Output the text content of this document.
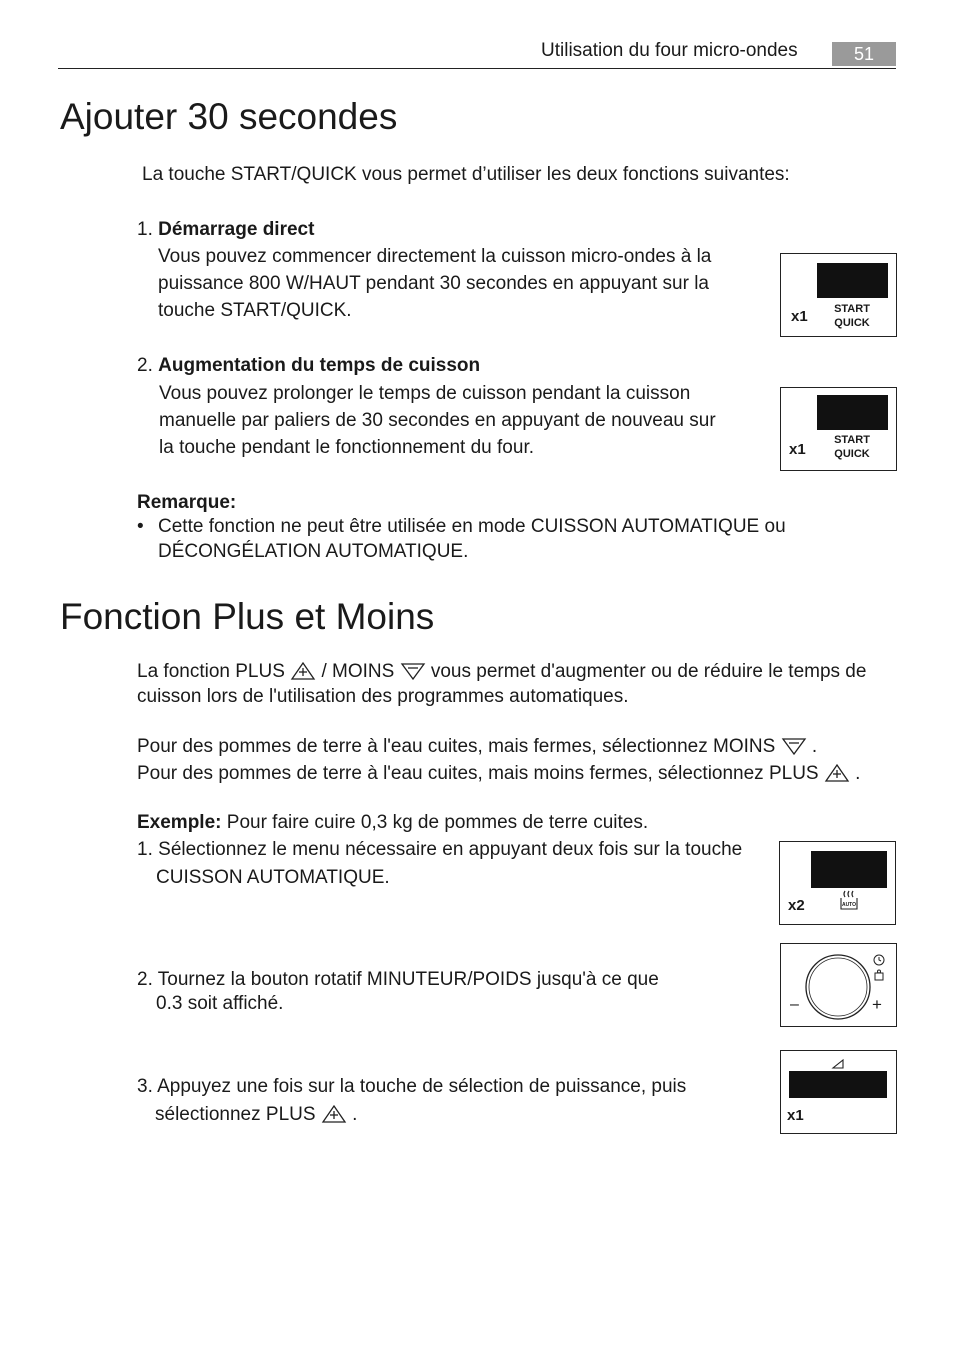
Utilisation du four micro-ondes	51
Ajouter 30 secondes
La touche START/QUICK vous permet d’utiliser les deux fonctions suivantes:
1. Démarrage direct
Vous pouvez commencer directement la cuisson micro-ondes à la
puissance 800 W/HAUT pendant 30 secondes en appuyant sur la
touche START/QUICK.
2. Augmentation du temps de cuisson
Vous pouvez prolonger le temps de cuisson pendant la cuisson
manuelle par paliers de 30 secondes en appuyant de nouveau sur
la touche pendant le fonctionnement du four.
Remarque:
• Cette fonction ne peut être utilisée en mode CUISSON AUTOMATIQUE ou
DÉCONGÉLATION AUTOMATIQUE.
x1	START
QUICK
x1
START
QUICK
Fonction Plus et Moins
La fonction PLUS / MOINS vous permet d'augmenter ou de réduire le temps de
cuisson lors de l'utilisation des programmes automatiques.
Pour des pommes de terre à l'eau cuites, mais fermes, sélectionnez MOINS .
Pour des pommes de terre à l'eau cuites, mais moins fermes, sélectionnez PLUS .
Exemple: Pour faire cuire 0,3 kg de pommes de terre cuites.
1. Sélectionnez le menu nécessaire en appuyant deux fois sur la touche
CUISSON AUTOMATIQUE.
2. Tournez la bouton rotatif MINUTEUR/POIDS jusqu'à ce que
0.3 soit affiché.
3. Appuyez une fois sur la touche de sélection de puissance, puis
sélectionnez PLUS .
x2	AUTO
–	+
x1
